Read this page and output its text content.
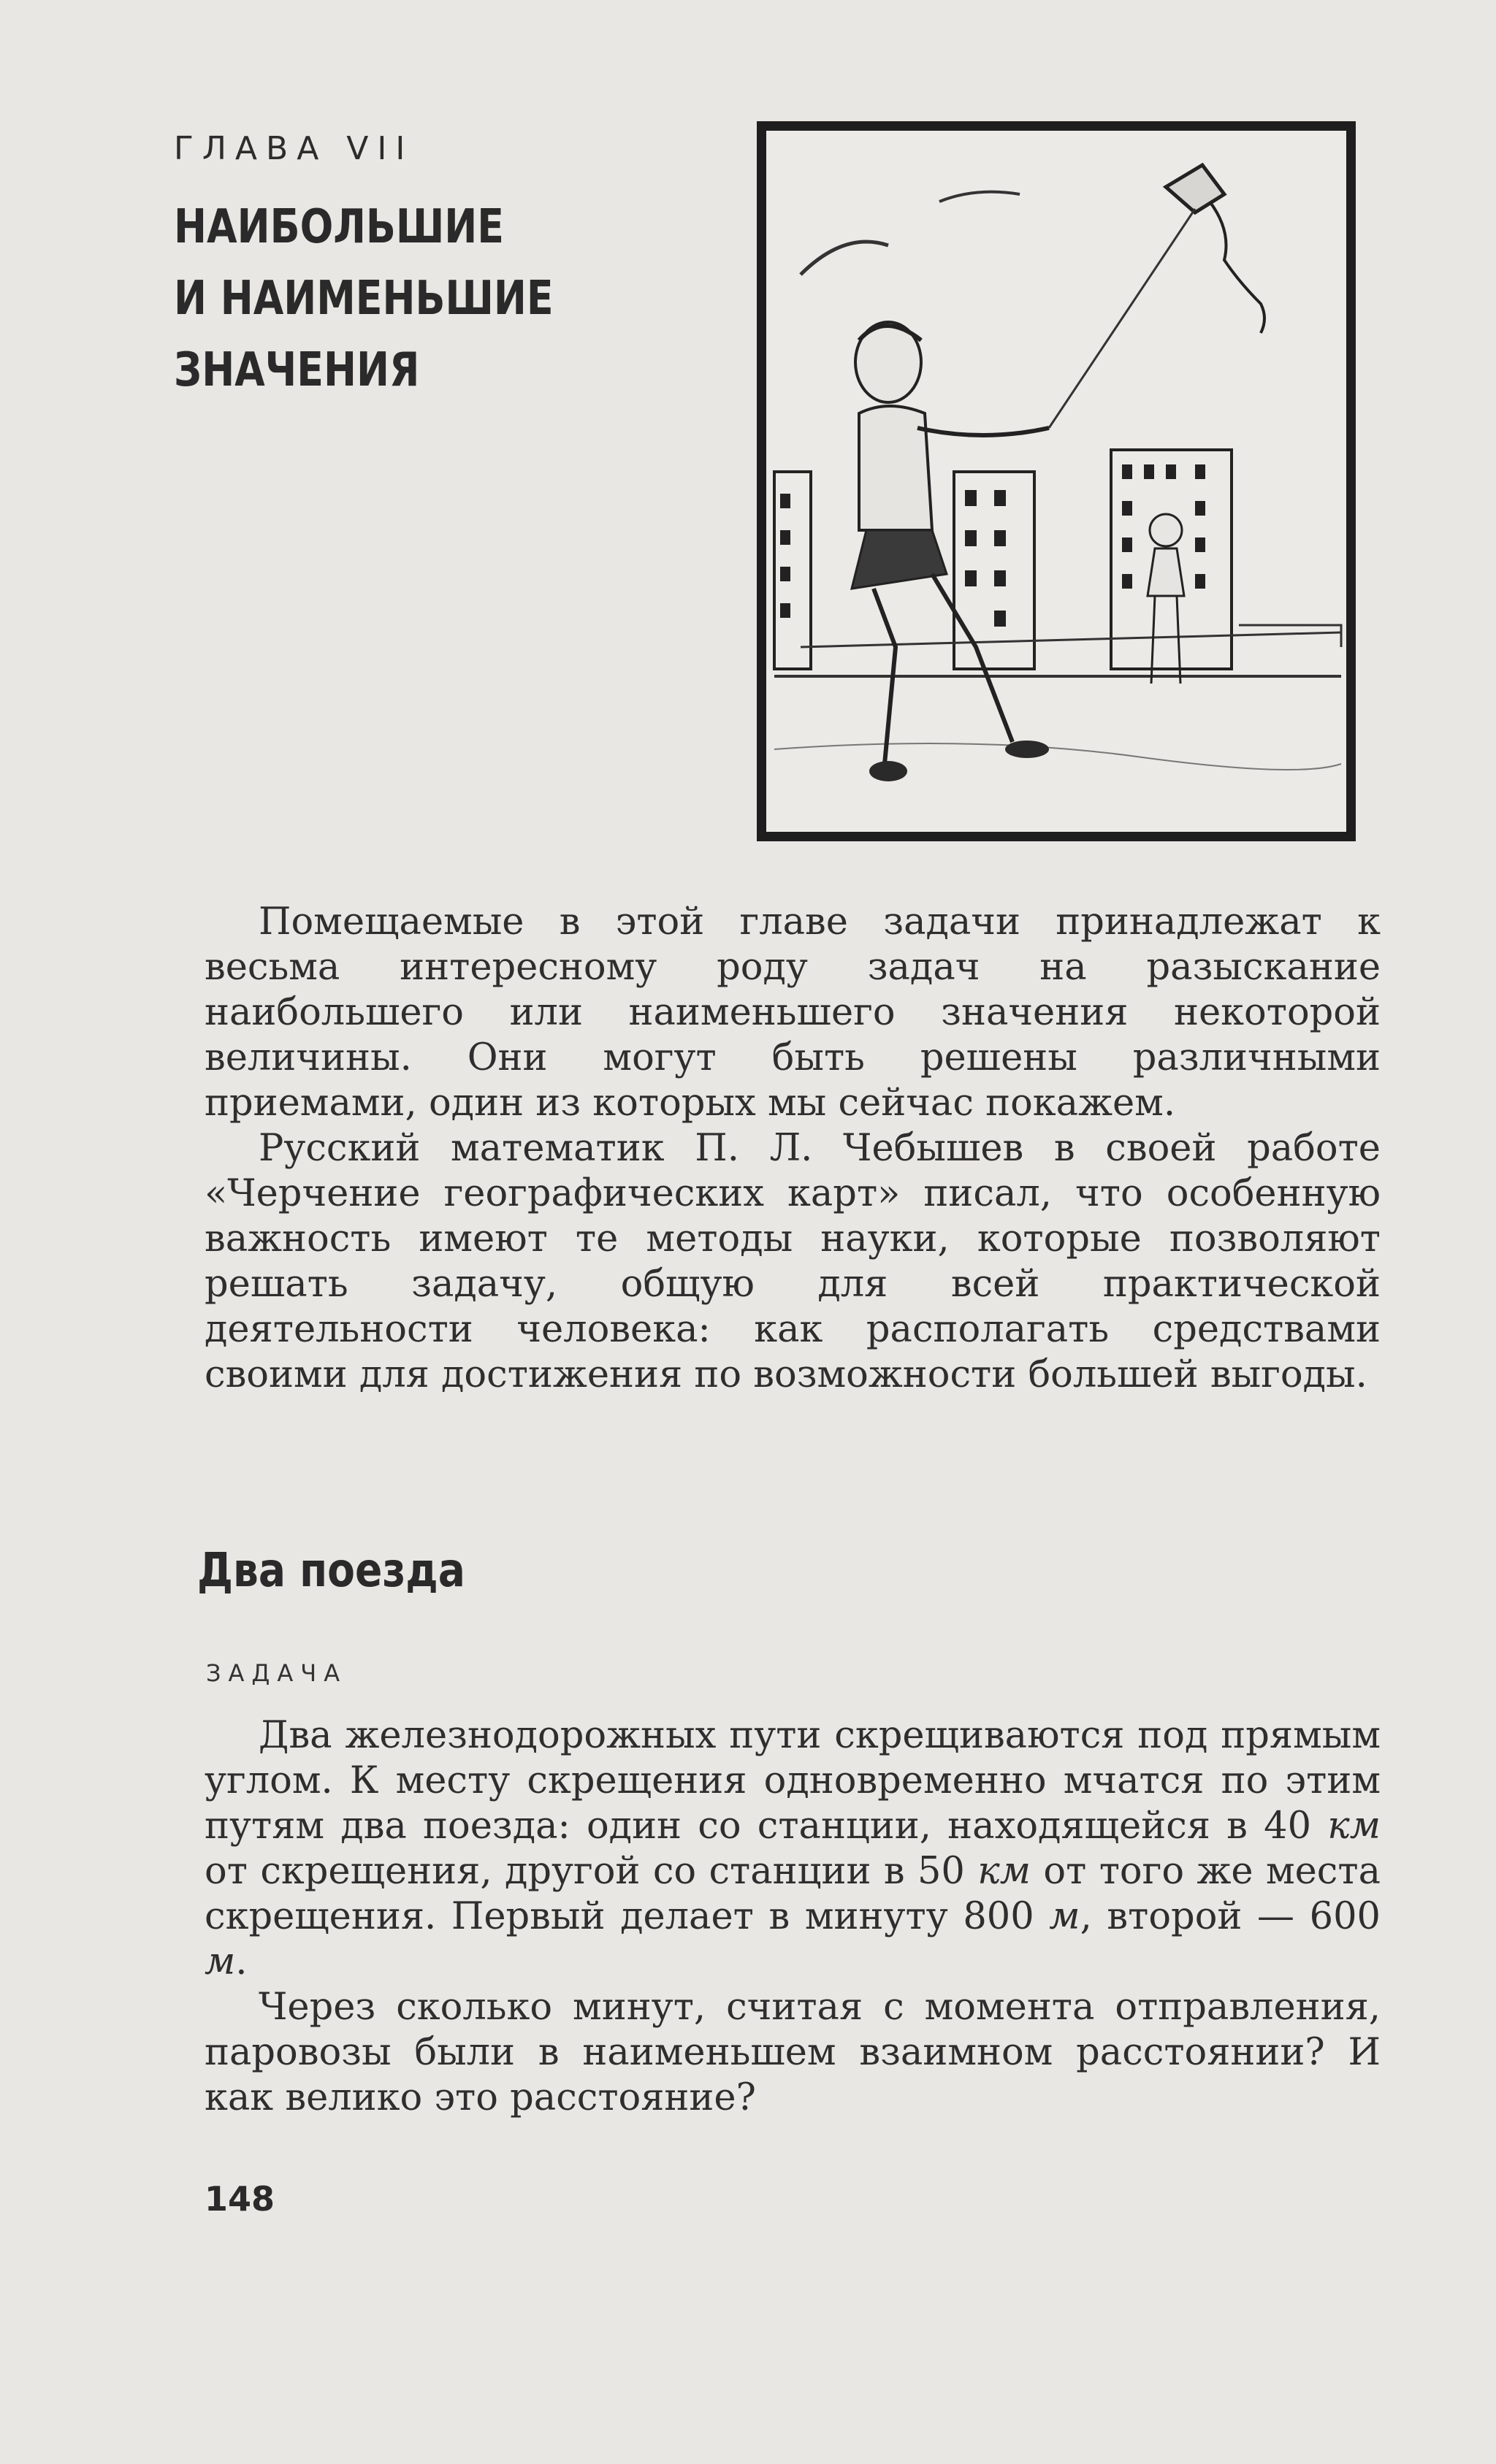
ГЛАВА VII
НАИБОЛЬШИЕ
И НАИМЕНЬШИЕ
ЗНАЧЕНИЯ

Помещаемые в этой главе задачи принадлежат к весьма интересному роду задач на разыскание наибольшего или наименьшего значения некоторой величины. Они могут быть решены различными приемами, один из которых мы сейчас покажем.

Русский математик П. Л. Чебышев в своей работе «Черчение географических карт» писал, что особенную важность имеют те методы науки, которые позволяют решать задачу, общую для всей практической деятельности человека: как располагать средствами своими для достижения по возможности большей выгоды.

Два поезда
ЗАДАЧА

Два железнодорожных пути скрещиваются под прямым углом. К месту скрещения одновременно мчатся по этим путям два поезда: один со станции, находящейся в 40 км от скрещения, другой со станции в 50 км от того же места скрещения. Первый делает в минуту 800 м, второй — 600 м.

Через сколько минут, считая с момента отправления, паровозы были в наименьшем взаимном расстоянии? И как велико это расстояние?

148
